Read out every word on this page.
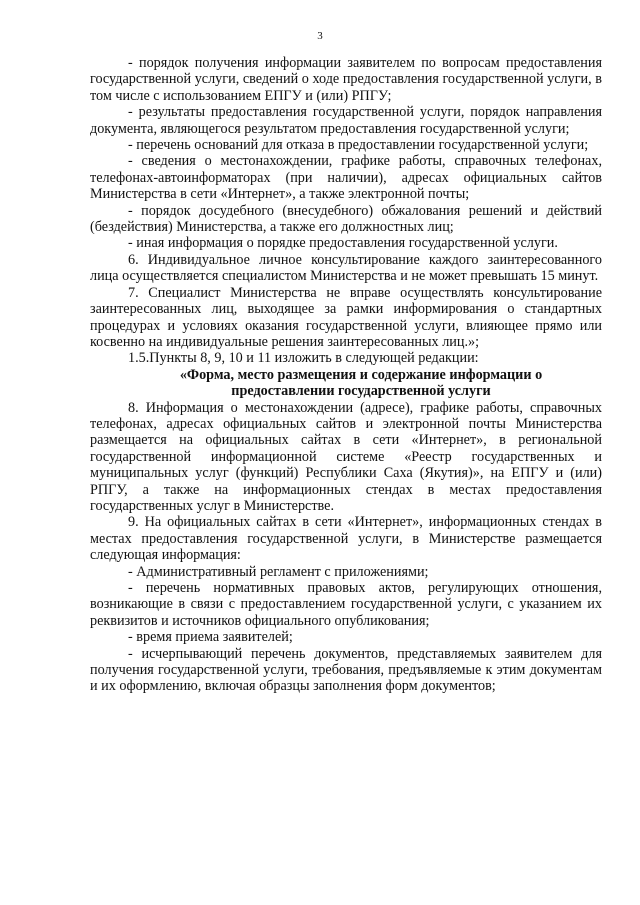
3

- порядок получения информации заявителем по вопросам предоставления государственной услуги, сведений о ходе предоставления государственной услуги, в том числе с использованием ЕПГУ и (или) РПГУ;

- результаты предоставления государственной услуги, порядок направления документа, являющегося результатом предоставления государственной услуги;

- перечень оснований для отказа в предоставлении государственной услуги;

- сведения о местонахождении, графике работы, справочных телефонах, телефонах-автоинформаторах (при наличии), адресах официальных сайтов Министерства в сети «Интернет», а также электронной почты;

- порядок досудебного (внесудебного) обжалования решений и действий (бездействия) Министерства, а также его должностных лиц;

- иная информация о порядке предоставления государственной услуги.

6. Индивидуальное личное консультирование каждого заинтересованного лица осуществляется специалистом Министерства и не может превышать 15 минут.

7. Специалист Министерства не вправе осуществлять консультирование заинтересованных лиц, выходящее за рамки информирования о стандартных процедурах и условиях оказания государственной услуги, влияющее прямо или косвенно на индивидуальные решения заинтересованных лиц.»;

1.5.Пункты 8, 9, 10 и 11 изложить в следующей редакции:

«Форма, место размещения и содержание информации о
предоставлении государственной услуги

8. Информация о местонахождении (адресе), графике работы, справочных телефонах, адресах официальных сайтов и электронной почты Министерства размещается на официальных сайтах в сети «Интернет», в региональной государственной информационной системе «Реестр государственных и муниципальных услуг (функций) Республики Саха (Якутия)», на ЕПГУ и (или) РПГУ, а также на информационных стендах в местах предоставления государственных услуг в Министерстве.

9. На официальных сайтах в сети «Интернет», информационных стендах в местах предоставления государственной услуги, в Министерстве размещается следующая информация:

- Административный регламент с приложениями;

- перечень нормативных правовых актов, регулирующих отношения, возникающие в связи с предоставлением государственной услуги, с указанием их реквизитов и источников официального опубликования;

- время приема заявителей;

- исчерпывающий перечень документов, представляемых заявителем для получения государственной услуги, требования, предъявляемые к этим документам и их оформлению, включая образцы заполнения форм документов;
